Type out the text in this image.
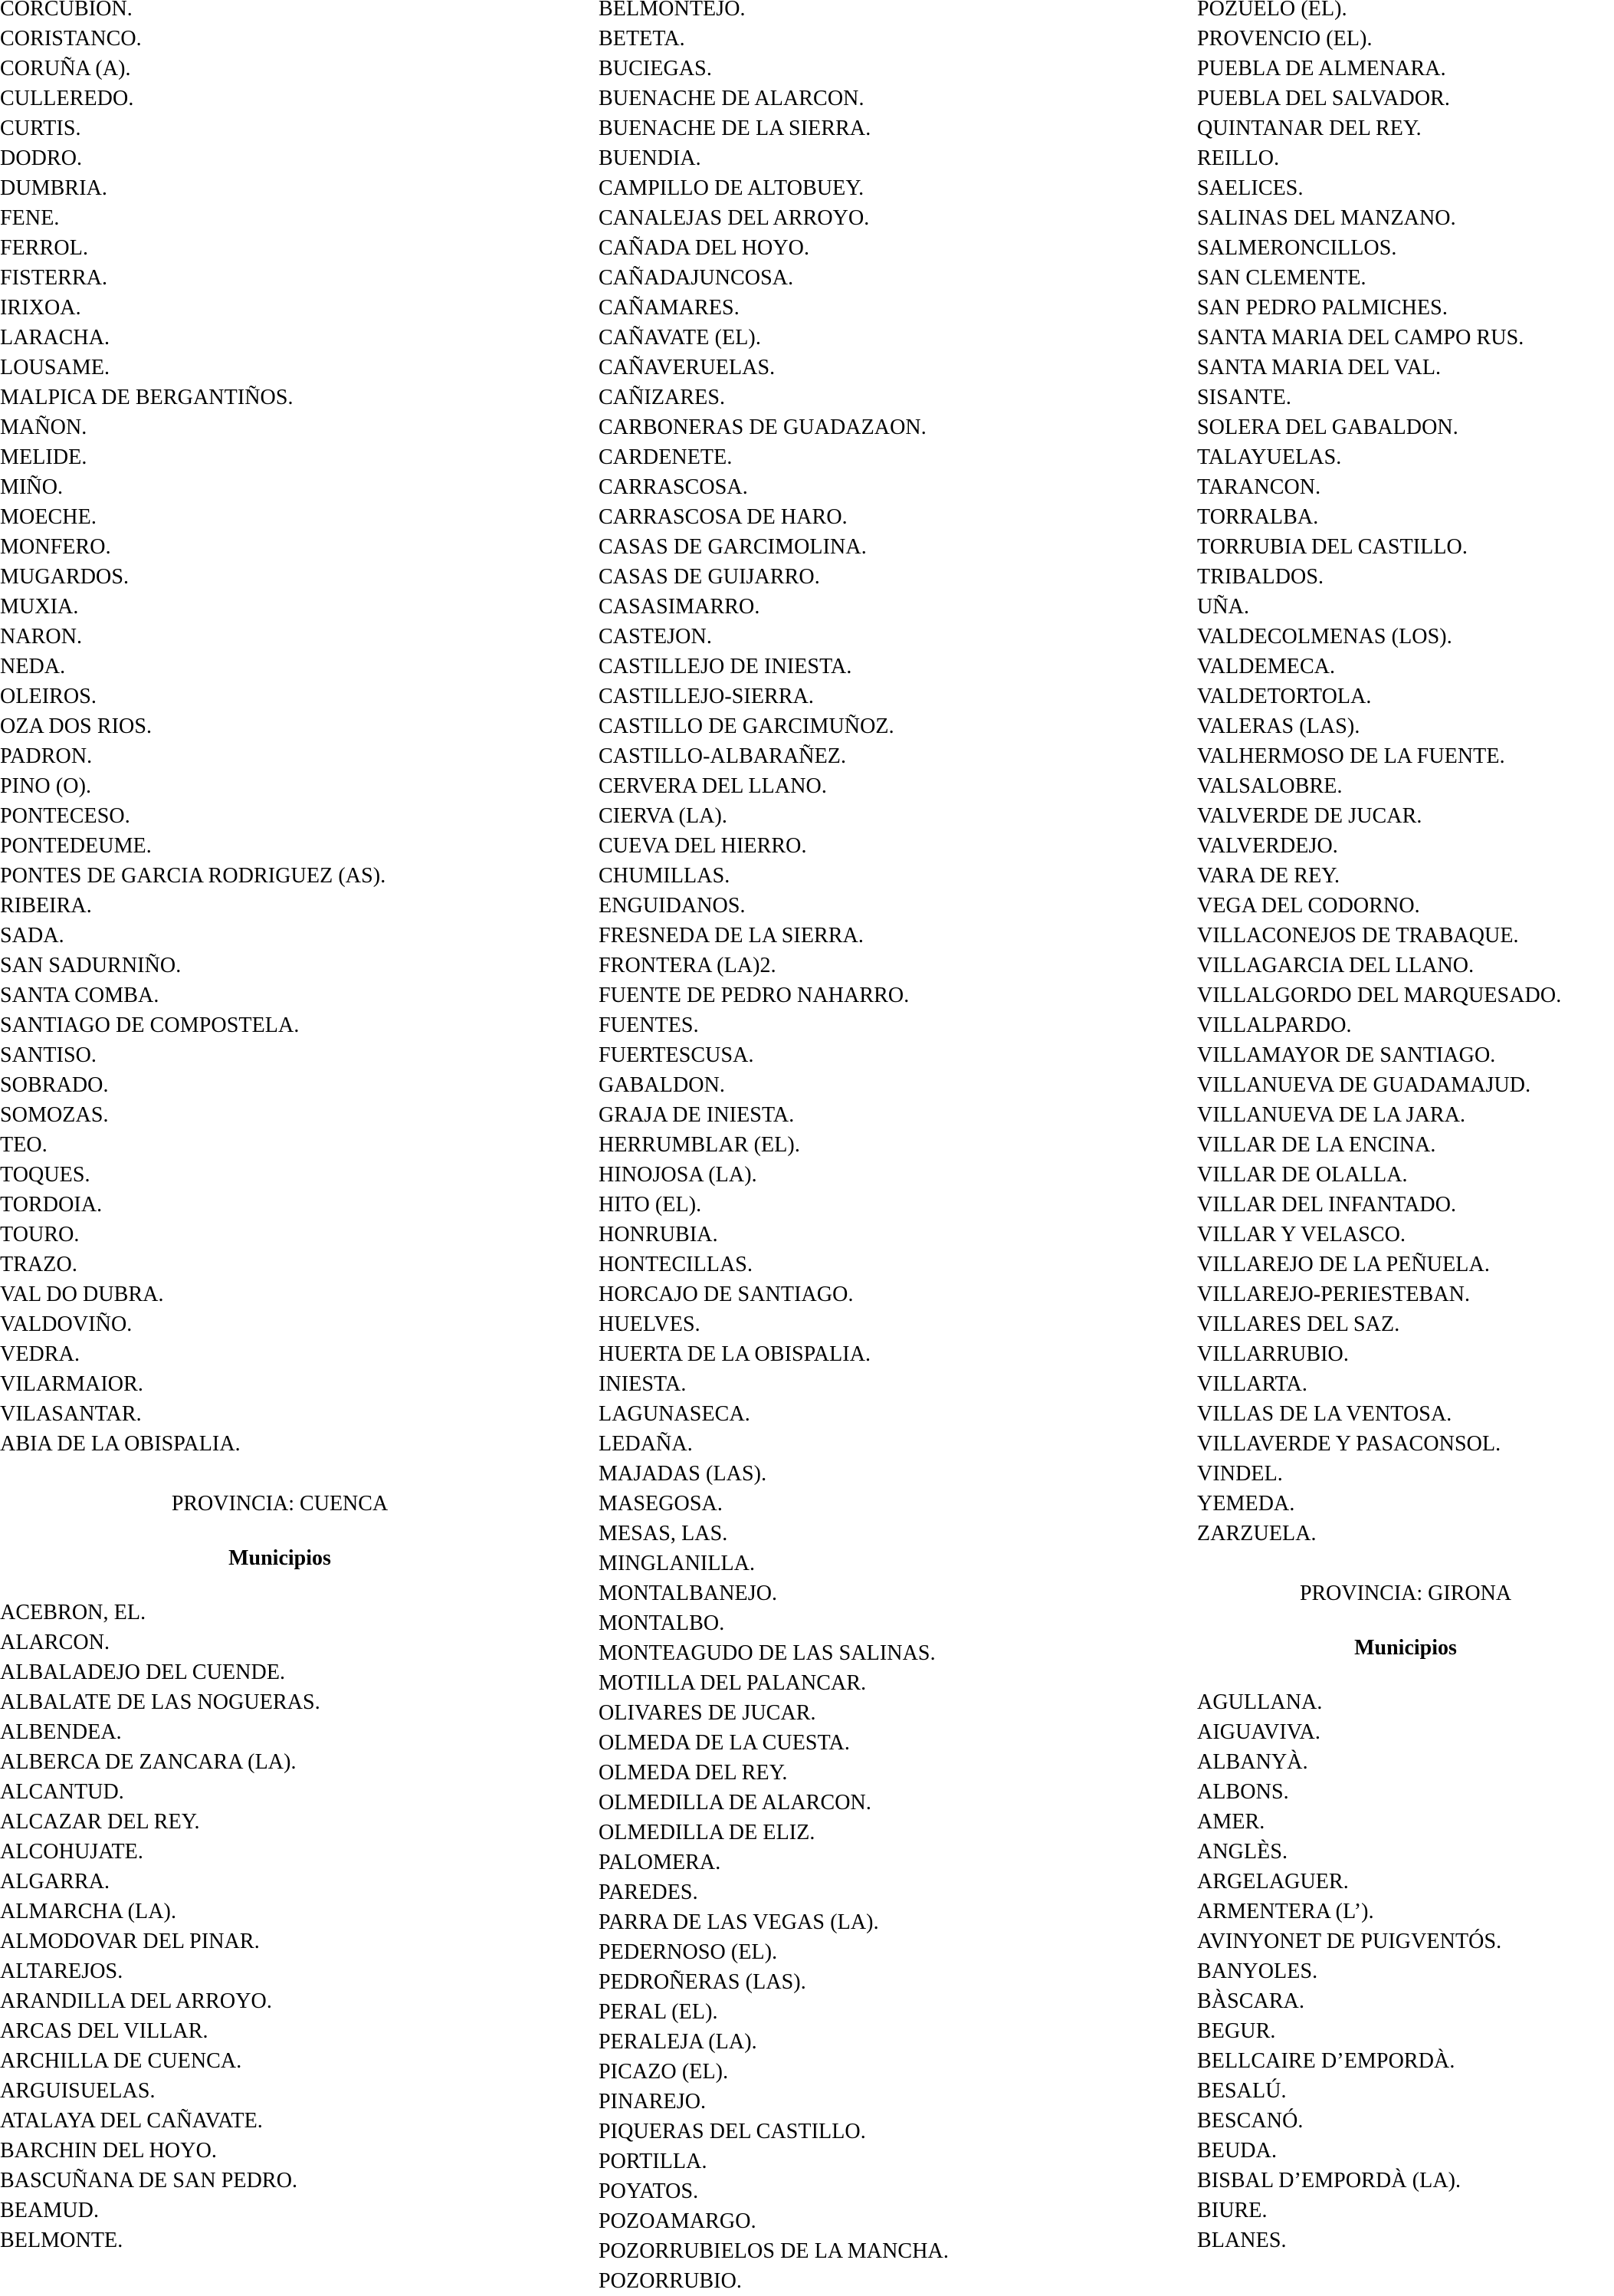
CORCUBION.
CORISTANCO.
CORUÑA (A).
CULLEREDO.
CURTIS.
DODRO.
DUMBRIA.
FENE.
FERROL.
FISTERRA.
IRIXOA.
LARACHA.
LOUSAME.
MALPICA DE BERGANTIÑOS.
MAÑON.
MELIDE.
MIÑO.
MOECHE.
MONFERO.
MUGARDOS.
MUXIA.
NARON.
NEDA.
OLEIROS.
OZA DOS RIOS.
PADRON.
PINO (O).
PONTECESO.
PONTEDEUME.
PONTES DE GARCIA RODRIGUEZ (AS).
RIBEIRA.
SADA.
SAN SADURNIÑO.
SANTA COMBA.
SANTIAGO DE COMPOSTELA.
SANTISO.
SOBRADO.
SOMOZAS.
TEO.
TOQUES.
TORDOIA.
TOURO.
TRAZO.
VAL DO DUBRA.
VALDOVIÑO.
VEDRA.
VILARMAIOR.
VILASANTAR.
ABIA DE LA OBISPALIA.
PROVINCIA: CUENCA
Municipios
ACEBRON, EL.
ALARCON.
ALBALADEJO DEL CUENDE.
ALBALATE DE LAS NOGUERAS.
ALBENDEA.
ALBERCA DE ZANCARA (LA).
ALCANTUD.
ALCAZAR DEL REY.
ALCOHUJATE.
ALGARRA.
ALMARCHA (LA).
ALMODOVAR DEL PINAR.
ALTAREJOS.
ARANDILLA DEL ARROYO.
ARCAS DEL VILLAR.
ARCHILLA DE CUENCA.
ARGUISUELAS.
ATALAYA DEL CAÑAVATE.
BARCHIN DEL HOYO.
BASCUÑANA DE SAN PEDRO.
BEAMUD.
BELMONTE.
BELMONTEJO.
BETETA.
BUCIEGAS.
BUENACHE DE ALARCON.
BUENACHE DE LA SIERRA.
BUENDIA.
CAMPILLO DE ALTOBUEY.
CANALEJAS DEL ARROYO.
CAÑADA DEL HOYO.
CAÑADAJUNCOSA.
CAÑAMARES.
CAÑAVATE (EL).
CAÑAVERUELAS.
CAÑIZARES.
CARBONERAS DE GUADAZAON.
CARDENETE.
CARRASCOSA.
CARRASCOSA DE HARO.
CASAS DE GARCIMOLINA.
CASAS DE GUIJARRO.
CASASIMARRO.
CASTEJON.
CASTILLEJO DE INIESTA.
CASTILLEJO-SIERRA.
CASTILLO DE GARCIMUÑOZ.
CASTILLO-ALBARAÑEZ.
CERVERA DEL LLANO.
CIERVA (LA).
CUEVA DEL HIERRO.
CHUMILLAS.
ENGUIDANOS.
FRESNEDA DE LA SIERRA.
FRONTERA (LA)2.
FUENTE DE PEDRO NAHARRO.
FUENTES.
FUERTESCUSA.
GABALDON.
GRAJA DE INIESTA.
HERRUMBLAR (EL).
HINOJOSA (LA).
HITO (EL).
HONRUBIA.
HONTECILLAS.
HORCAJO DE SANTIAGO.
HUELVES.
HUERTA DE LA OBISPALIA.
INIESTA.
LAGUNASECA.
LEDAÑA.
MAJADAS (LAS).
MASEGOSA.
MESAS, LAS.
MINGLANILLA.
MONTALBANEJO.
MONTALBO.
MONTEAGUDO DE LAS SALINAS.
MOTILLA DEL PALANCAR.
OLIVARES DE JUCAR.
OLMEDA DE LA CUESTA.
OLMEDA DEL REY.
OLMEDILLA DE ALARCON.
OLMEDILLA DE ELIZ.
PALOMERA.
PAREDES.
PARRA DE LAS VEGAS (LA).
PEDERNOSO (EL).
PEDROÑERAS (LAS).
PERAL (EL).
PERALEJA (LA).
PICAZO (EL).
PINAREJO.
PIQUERAS DEL CASTILLO.
PORTILLA.
POYATOS.
POZOAMARGO.
POZORRUBIELOS DE LA MANCHA.
POZORRUBIO.
POZUELO (EL).
PROVENCIO (EL).
PUEBLA DE ALMENARA.
PUEBLA DEL SALVADOR.
QUINTANAR DEL REY.
REILLO.
SAELICES.
SALINAS DEL MANZANO.
SALMERONCILLOS.
SAN CLEMENTE.
SAN PEDRO PALMICHES.
SANTA MARIA DEL CAMPO RUS.
SANTA MARIA DEL VAL.
SISANTE.
SOLERA DEL GABALDON.
TALAYUELAS.
TARANCON.
TORRALBA.
TORRUBIA DEL CASTILLO.
TRIBALDOS.
UÑA.
VALDECOLMENAS (LOS).
VALDEMECA.
VALDETORTOLA.
VALERAS (LAS).
VALHERMOSO DE LA FUENTE.
VALSALOBRE.
VALVERDE DE JUCAR.
VALVERDEJO.
VARA DE REY.
VEGA DEL CODORNO.
VILLACONEJOS DE TRABAQUE.
VILLAGARCIA DEL LLANO.
VILLALGORDO DEL MARQUESADO.
VILLALPARDO.
VILLAMAYOR DE SANTIAGO.
VILLANUEVA DE GUADAMAJUD.
VILLANUEVA DE LA JARA.
VILLAR DE LA ENCINA.
VILLAR DE OLALLA.
VILLAR DEL INFANTADO.
VILLAR Y VELASCO.
VILLAREJO DE LA PEÑUELA.
VILLAREJO-PERIESTEBAN.
VILLARES DEL SAZ.
VILLARRUBIO.
VILLARTA.
VILLAS DE LA VENTOSA.
VILLAVERDE Y PASACONSOL.
VINDEL.
YEMEDA.
ZARZUELA.
PROVINCIA: GIRONA
Municipios
AGULLANA.
AIGUAVIVA.
ALBANYÀ.
ALBONS.
AMER.
ANGLÈS.
ARGELAGUER.
ARMENTERA (L’).
AVINYONET DE PUIGVENTÓS.
BANYOLES.
BÀSCARA.
BEGUR.
BELLCAIRE D’EMPORDÀ.
BESALÚ.
BESCANÓ.
BEUDA.
BISBAL D’EMPORDÀ (LA).
BIURE.
BLANES.
